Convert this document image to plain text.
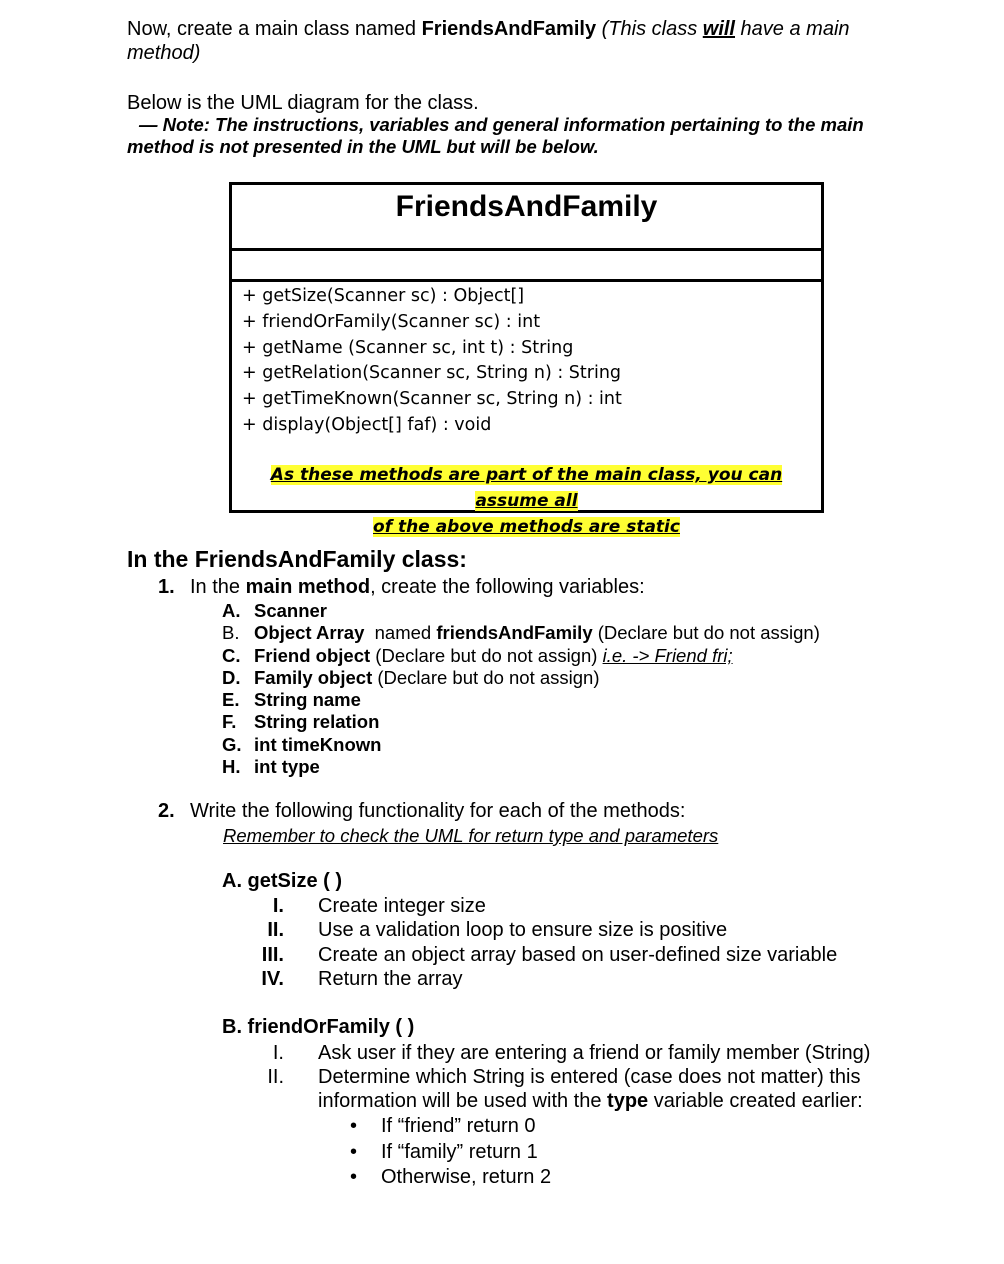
Now, create a main class named FriendsAndFamily (This class will have a main
method)
Below is the UML diagram for the class.
— Note: The instructions, variables and general information pertaining to the main
method is not presented in the UML but will be below.
FriendsAndFamily
+ getSize(Scanner sc) : Object[]
+ friendOrFamily(Scanner sc) : int
+ getName (Scanner sc, int t) : String
+ getRelation(Scanner sc, String n) : String
+ getTimeKnown(Scanner sc, String n) : int
+ display(Object[] faf) : void
As these methods are part of the main class, you can assume all
of the above methods are static
In the FriendsAndFamily class:
1. In the main method, create the following variables:
A. Scanner
B. Object Array  named friendsAndFamily (Declare but do not assign)
C. Friend object (Declare but do not assign) i.e. -> Friend fri;
D. Family object (Declare but do not assign)
E. String name
F. String relation
G. int timeKnown
H. int type
2. Write the following functionality for each of the methods:
Remember to check the UML for return type and parameters
A. getSize ( )
I. Create integer size
II. Use a validation loop to ensure size is positive
III. Create an object array based on user-defined size variable
IV. Return the array
B. friendOrFamily ( )
I. Ask user if they are entering a friend or family member (String)
II. Determine which String is entered (case does not matter) this
information will be used with the type variable created earlier:
• If “friend” return 0
• If “family” return 1
• Otherwise, return 2
